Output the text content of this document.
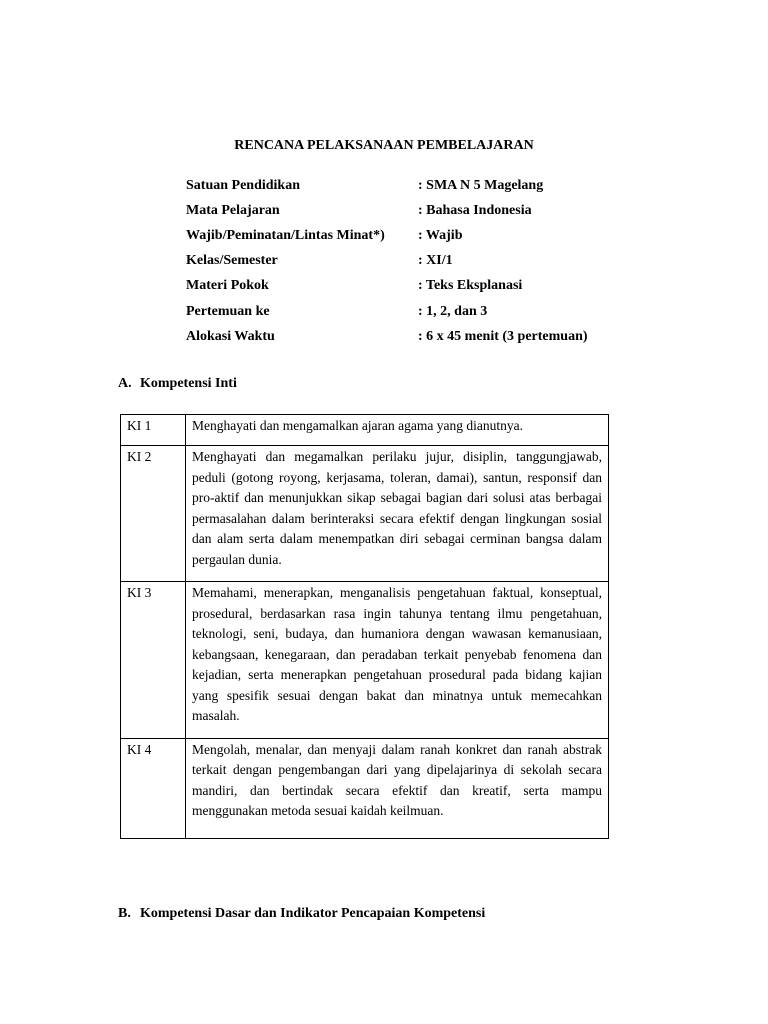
RENCANA PELAKSANAAN PEMBELAJARAN
Satuan Pendidikan	: SMA N 5 Magelang
Mata Pelajaran	: Bahasa Indonesia
Wajib/Peminatan/Lintas Minat*)	: Wajib
Kelas/Semester	: XI/1
Materi Pokok	: Teks Eksplanasi
Pertemuan ke	: 1, 2, dan 3
Alokasi Waktu	: 6 x 45 menit (3 pertemuan)
A. Kompetensi Inti
KI 1	Menghayati dan mengamalkan ajaran agama yang dianutnya.
KI 2	Menghayati dan megamalkan perilaku jujur, disiplin, tanggungjawab, peduli (gotong royong, kerjasama, toleran, damai), santun, responsif dan pro-aktif dan menunjukkan sikap sebagai bagian dari solusi atas berbagai permasalahan dalam berinteraksi secara efektif dengan lingkungan sosial dan alam serta dalam menempatkan diri sebagai cerminan bangsa dalam pergaulan dunia.
KI 3	Memahami, menerapkan, menganalisis pengetahuan faktual, konseptual, prosedural, berdasarkan rasa ingin tahunya tentang ilmu pengetahuan, teknologi, seni, budaya, dan humaniora dengan wawasan kemanusiaan, kebangsaan, kenegaraan, dan peradaban terkait penyebab fenomena dan kejadian, serta menerapkan pengetahuan prosedural pada bidang kajian yang spesifik sesuai dengan bakat dan minatnya untuk memecahkan masalah.
KI 4	Mengolah, menalar, dan menyaji dalam ranah konkret dan ranah abstrak terkait dengan pengembangan dari yang dipelajarinya di sekolah secara mandiri, dan bertindak secara efektif dan kreatif, serta mampu menggunakan metoda sesuai kaidah keilmuan.
B. Kompetensi Dasar dan Indikator Pencapaian Kompetensi
